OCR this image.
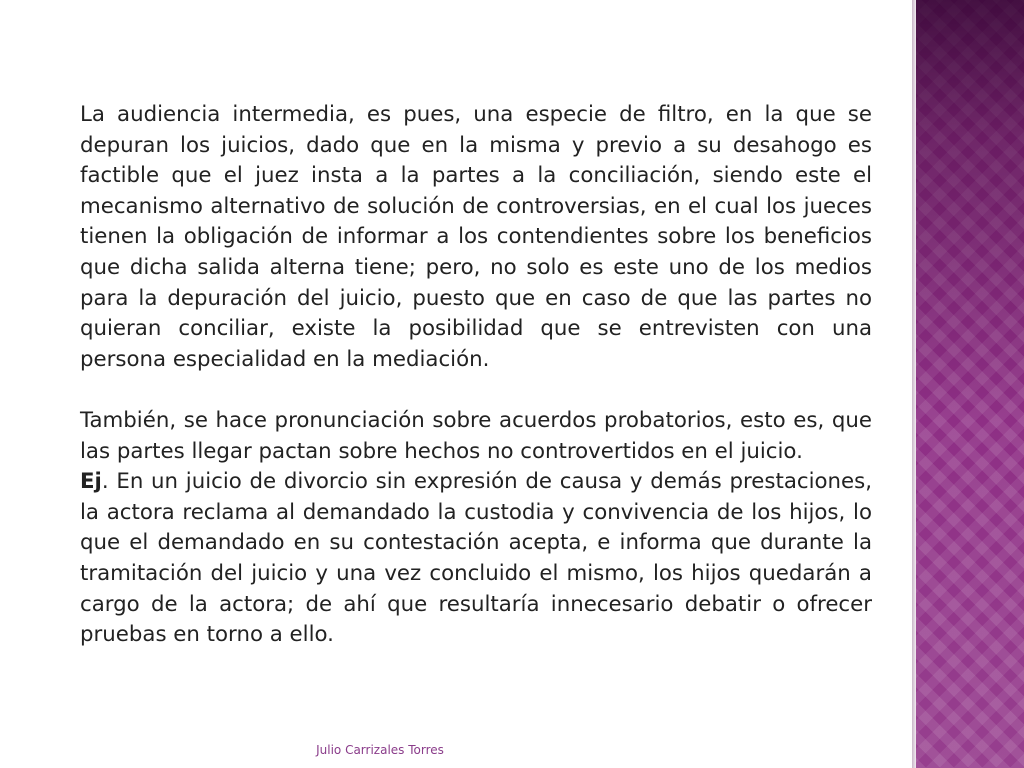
La audiencia intermedia, es pues, una especie de filtro, en la que se depuran los juicios, dado que en la misma y previo a su desahogo es factible que el juez insta a la partes a la conciliación, siendo este el mecanismo alternativo de solución de controversias, en el cual los jueces tienen la obligación de informar a los contendientes sobre los beneficios que dicha salida alterna tiene; pero, no solo es este uno de los medios para la depuración del juicio, puesto que en caso de que las partes no quieran conciliar, existe la posibilidad que se entrevisten con una persona especialidad en la mediación.

También, se hace pronunciación sobre acuerdos probatorios, esto es, que las partes llegar pactan sobre hechos no controvertidos en el juicio.

Ej. En un juicio de divorcio sin expresión de causa y demás prestaciones, la actora reclama al demandado la custodia y convivencia de los hijos, lo que el demandado en su contestación acepta, e informa que durante la tramitación del juicio y una vez concluido el mismo, los hijos quedarán a cargo de la actora; de ahí que resultaría innecesario debatir o ofrecer pruebas en torno a ello.

Julio Carrizales Torres
